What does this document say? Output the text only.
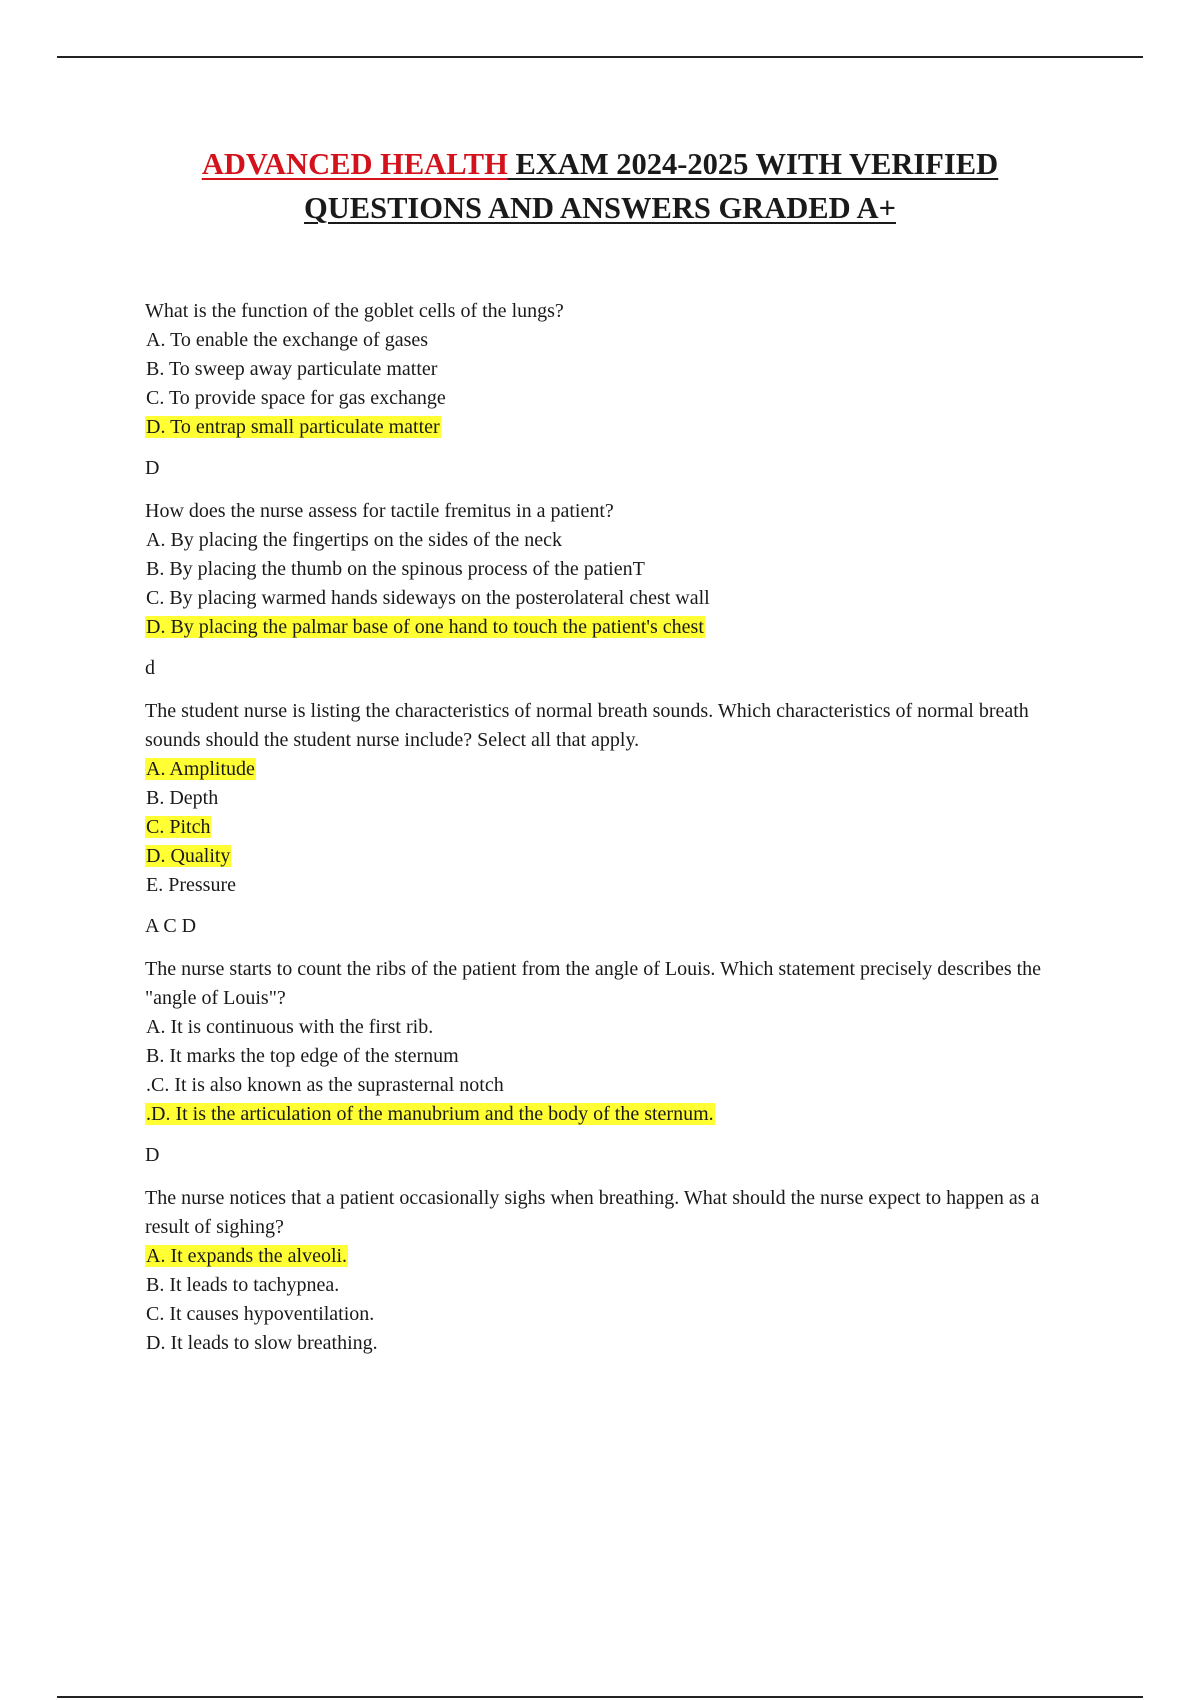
ADVANCED HEALTH EXAM 2024-2025 WITH VERIFIED
QUESTIONS AND ANSWERS GRADED A+

What is the function of the goblet cells of the lungs?

A. To enable the exchange of gases

B. To sweep away particulate matter

C. To provide space for gas exchange

D. To entrap small particulate matter

D

How does the nurse assess for tactile fremitus in a patient?

A. By placing the fingertips on the sides of the neck

B. By placing the thumb on the spinous process of the patienT

C. By placing warmed hands sideways on the posterolateral chest wall

D. By placing the palmar base of one hand to touch the patient's chest

d

The student nurse is listing the characteristics of normal breath sounds. Which characteristics of normal breath sounds should the student nurse include? Select all that apply.

A. Amplitude

B. Depth

C. Pitch

D. Quality

E. Pressure

A C D

The nurse starts to count the ribs of the patient from the angle of Louis. Which statement precisely describes the "angle of Louis"?

A. It is continuous with the first rib.

B. It marks the top edge of the sternum

.C. It is also known as the suprasternal notch

.D. It is the articulation of the manubrium and the body of the sternum.

D

The nurse notices that a patient occasionally sighs when breathing. What should the nurse expect to happen as a result of sighing?

A. It expands the alveoli.

B. It leads to tachypnea.

C. It causes hypoventilation.

D. It leads to slow breathing.
